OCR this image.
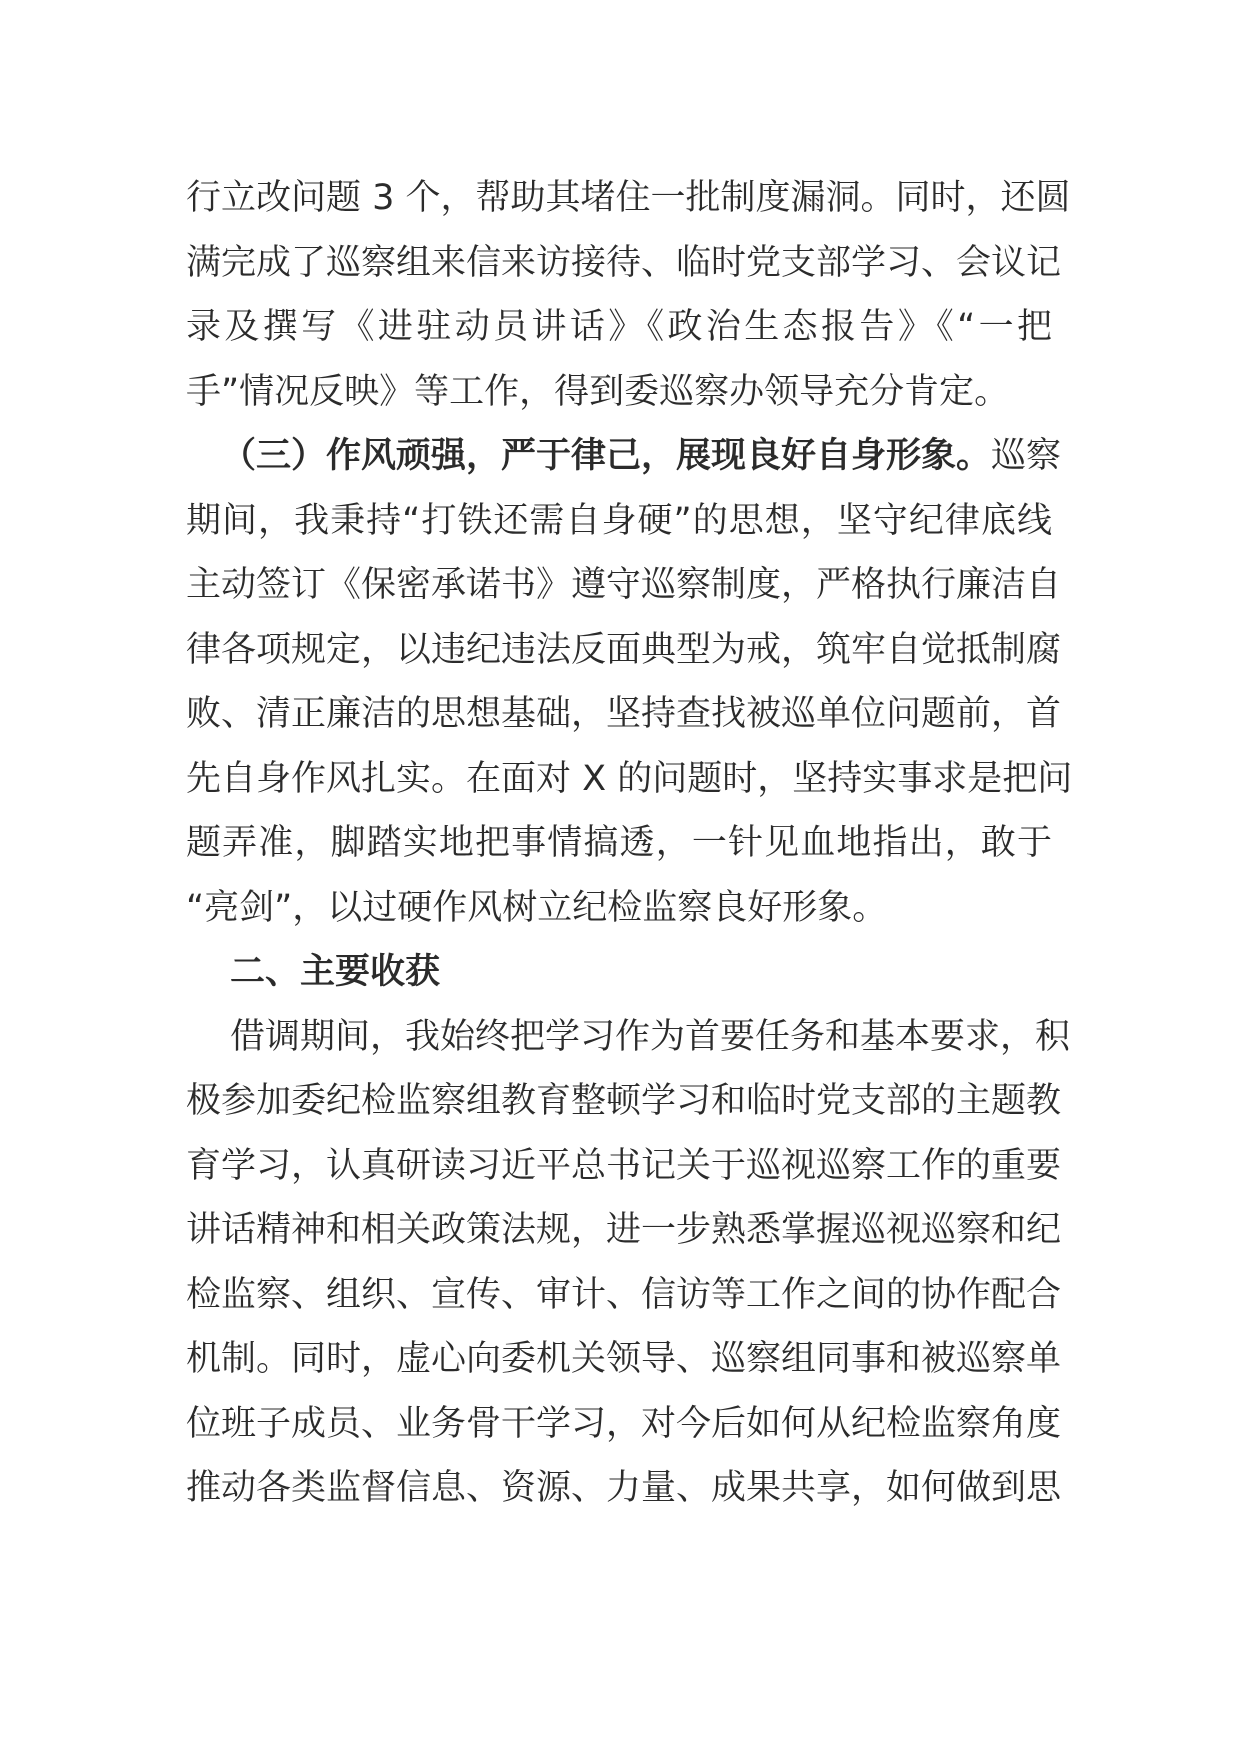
行立改问题 3 个，帮助其堵住一批制度漏洞。同时，还圆
满完成了巡察组来信来访接待、临时党支部学习、会议记
录及撰写《进驻动员讲话》《政治生态报告》《“一把
手”情况反映》等工作，得到委巡察办领导充分肯定。
（三）作风顽强，严于律己，展现良好自身形象。巡察
期间，我秉持“打铁还需自身硬”的思想，坚守纪律底线
主动签订《保密承诺书》遵守巡察制度，严格执行廉洁自
律各项规定，以违纪违法反面典型为戒，筑牢自觉抵制腐
败、清正廉洁的思想基础，坚持查找被巡单位问题前，首
先自身作风扎实。在面对 X 的问题时，坚持实事求是把问
题弄准，脚踏实地把事情搞透，一针见血地指出，敢于
“亮剑”，以过硬作风树立纪检监察良好形象。
二、主要收获
借调期间，我始终把学习作为首要任务和基本要求，积
极参加委纪检监察组教育整顿学习和临时党支部的主题教
育学习，认真研读习近平总书记关于巡视巡察工作的重要
讲话精神和相关政策法规，进一步熟悉掌握巡视巡察和纪
检监察、组织、宣传、审计、信访等工作之间的协作配合
机制。同时，虚心向委机关领导、巡察组同事和被巡察单
位班子成员、业务骨干学习，对今后如何从纪检监察角度
推动各类监督信息、资源、力量、成果共享，如何做到思
